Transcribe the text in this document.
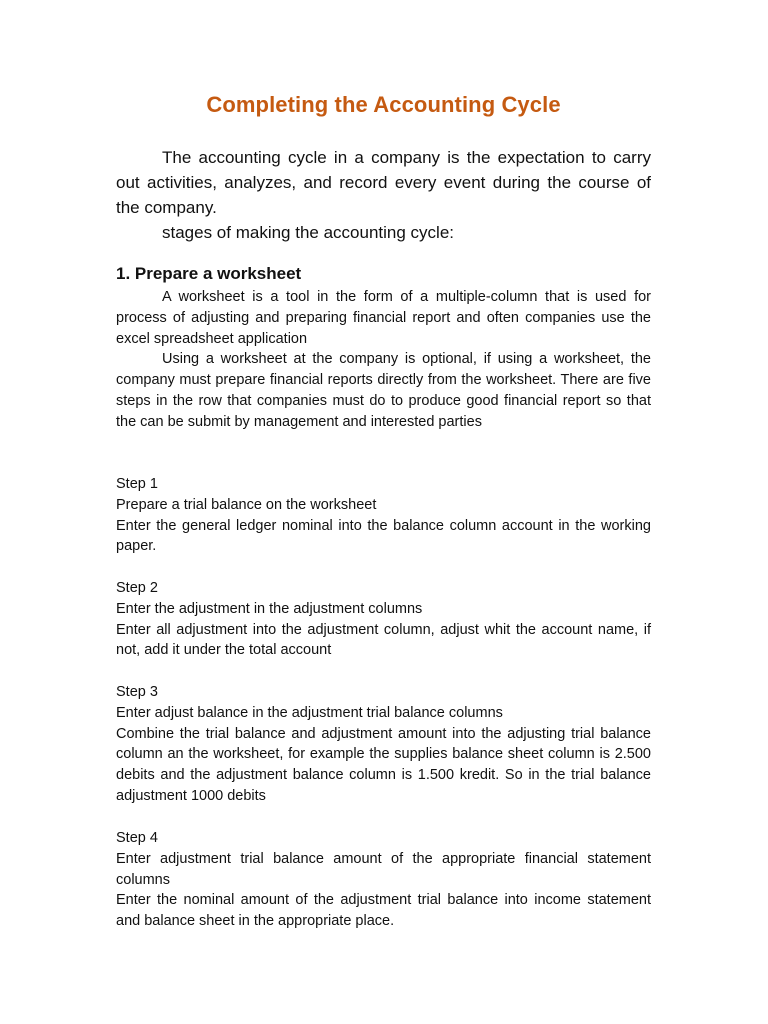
Completing the Accounting Cycle

The accounting cycle in a company is the expectation to carry out activities, analyzes, and record every event during the course of the company.

stages of making the accounting cycle:

1. Prepare a worksheet

A worksheet is a tool in the form of a multiple-column that is used for process of adjusting and preparing financial report and often companies use the excel spreadsheet application

Using a worksheet at the company is optional, if using a worksheet, the company must prepare financial reports directly from the worksheet. There are five steps in the row that companies must do to produce good financial report so that the can be submit by management and interested parties

Step 1

Prepare a trial balance on the worksheet

Enter the general ledger nominal into the balance column account in the working paper.

Step 2

Enter the adjustment in the adjustment columns

Enter all adjustment into the adjustment column, adjust whit the account name, if not, add it under the total account

Step 3

Enter adjust balance in the adjustment trial balance columns

Combine the trial balance and adjustment amount into the adjusting trial balance column an the worksheet, for example the supplies balance sheet column is 2.500 debits and the adjustment balance column is 1.500 kredit. So in the trial balance adjustment 1000 debits

Step 4

Enter adjustment trial balance amount of the appropriate financial statement columns

Enter the nominal amount of the adjustment trial balance into income statement and balance sheet in the appropriate place.
